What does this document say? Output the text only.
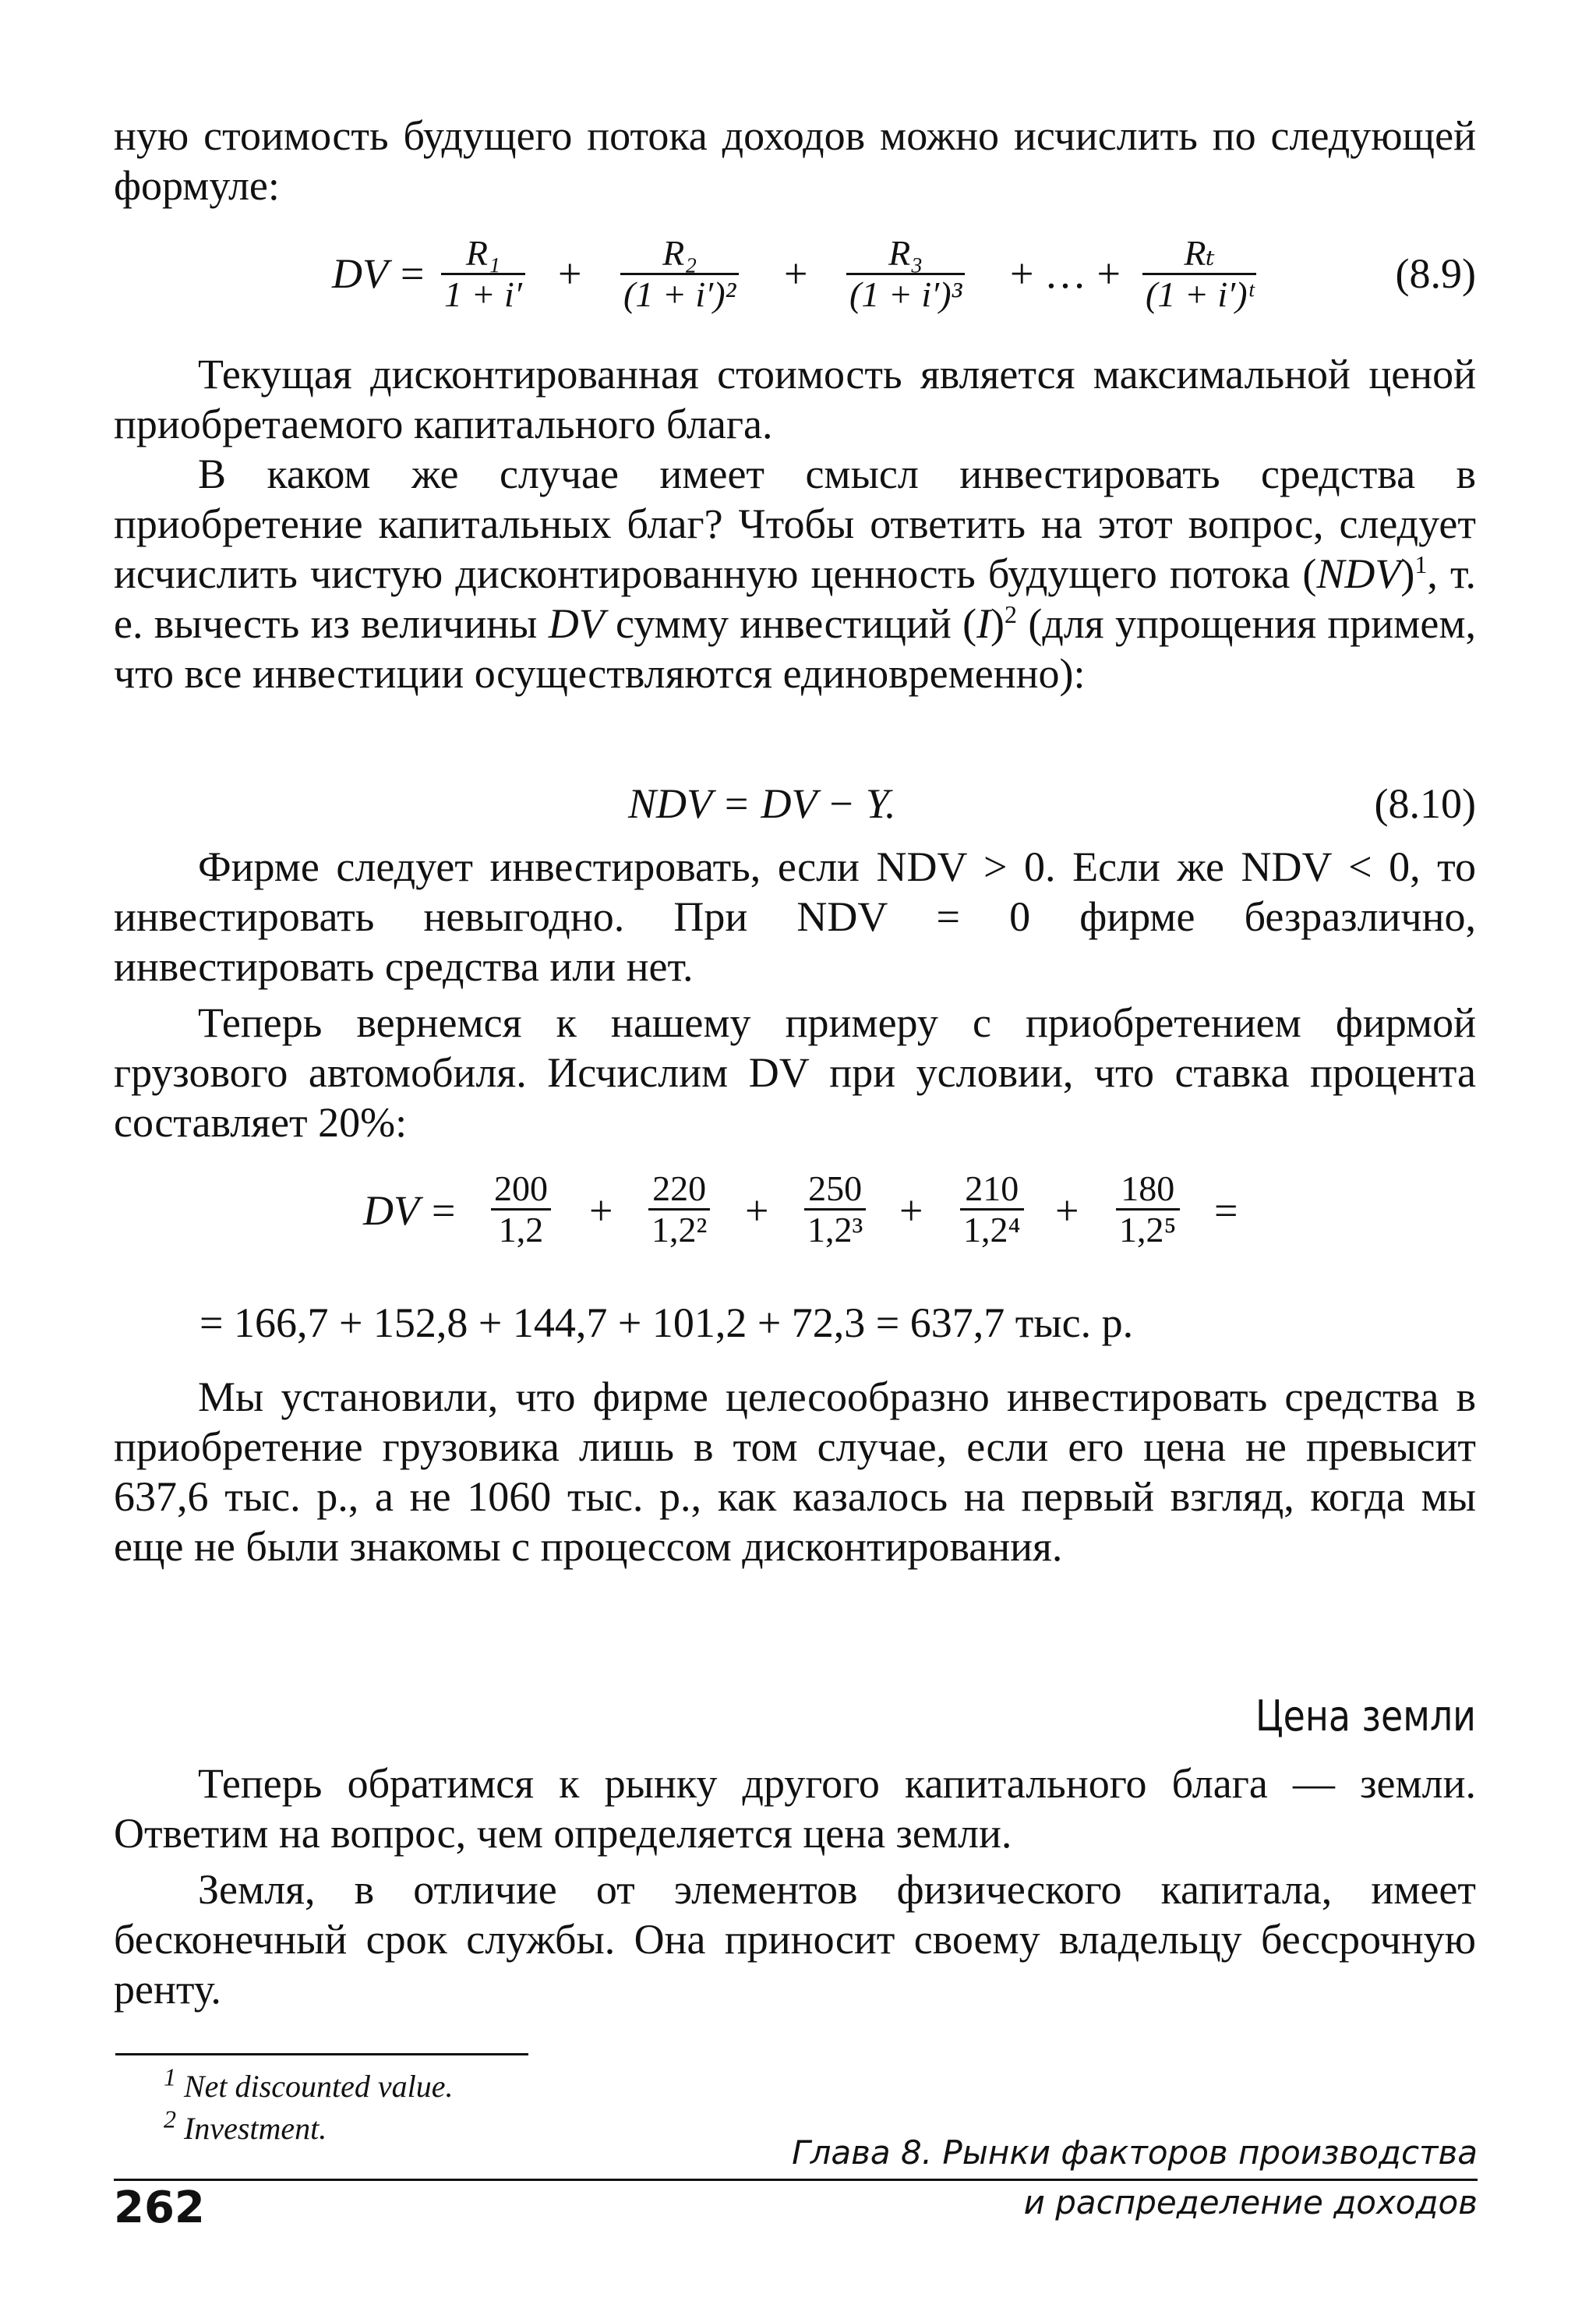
ную стоимость будущего потока доходов можно исчислить по следующей формуле:

DV = $\frac{\text{R₁}}{1 + i'} + \frac{\text{R₂}}{\text{(1 + i′)²}} + \frac{\text{R₃}}{\text{(1 + i′)³}}$ + … + $\frac{\text{Rₜ}}{\text{(1 + i′)ᵗ}}$	(8.9)

Текущая дисконтированная стоимость является максимальной ценой приобретаемого капитального блага.

В каком же случае имеет смысл инвестировать средства в приобретение капитальных благ? Чтобы ответить на этот вопрос, следует исчислить чистую дисконтированную ценность будущего потока (NDV)$^1$, т. е. вычесть из величины DV сумму инвестиций $(I)^2$ (для упрощения примем, что все инвестиции осуществляются единовременно):

NDV = DV − Y.	(8.10)

Фирме следует инвестировать, если NDV > 0. Если же NDV < 0, то инвестировать невыгодно. При NDV = 0 фирме безразлично, инвестировать средства или нет.

Теперь вернемся к нашему примеру с приобретением фирмой грузового автомобиля. Исчислим DV при условии, что ставка процента составляет 20%:

DV = $\frac{200}{1,2} + \frac{220}{\text{1,2²}} + \frac{250}{\text{1,2³}} + \frac{210}{\text{1,2⁴}} + \frac{180}{\text{1,2⁵}}$ =
= 166,7 + 152,8 + 144,7 + 101,2 + 72,3 = 637,7 тыс. р.

Мы установили, что фирме целесообразно инвестировать средства в приобретение грузовика лишь в том случае, если его цена не превысит 637,6 тыс. р., а не 1060 тыс. р., как казалось на первый взгляд, когда мы еще не были знакомы с процессом дисконтирования.

Цена земли

Теперь обратимся к рынку другого капитального блага — земли. Ответим на вопрос, чем определяется цена земли.

Земля, в отличие от элементов физического капитала, имеет бесконечный срок службы. Она приносит своему владельцу бессрочную ренту.

$^1$ Net discounted value.
$^2$ Investment.
Глава 8. Рынки факторов производства
и распределение доходов
262
